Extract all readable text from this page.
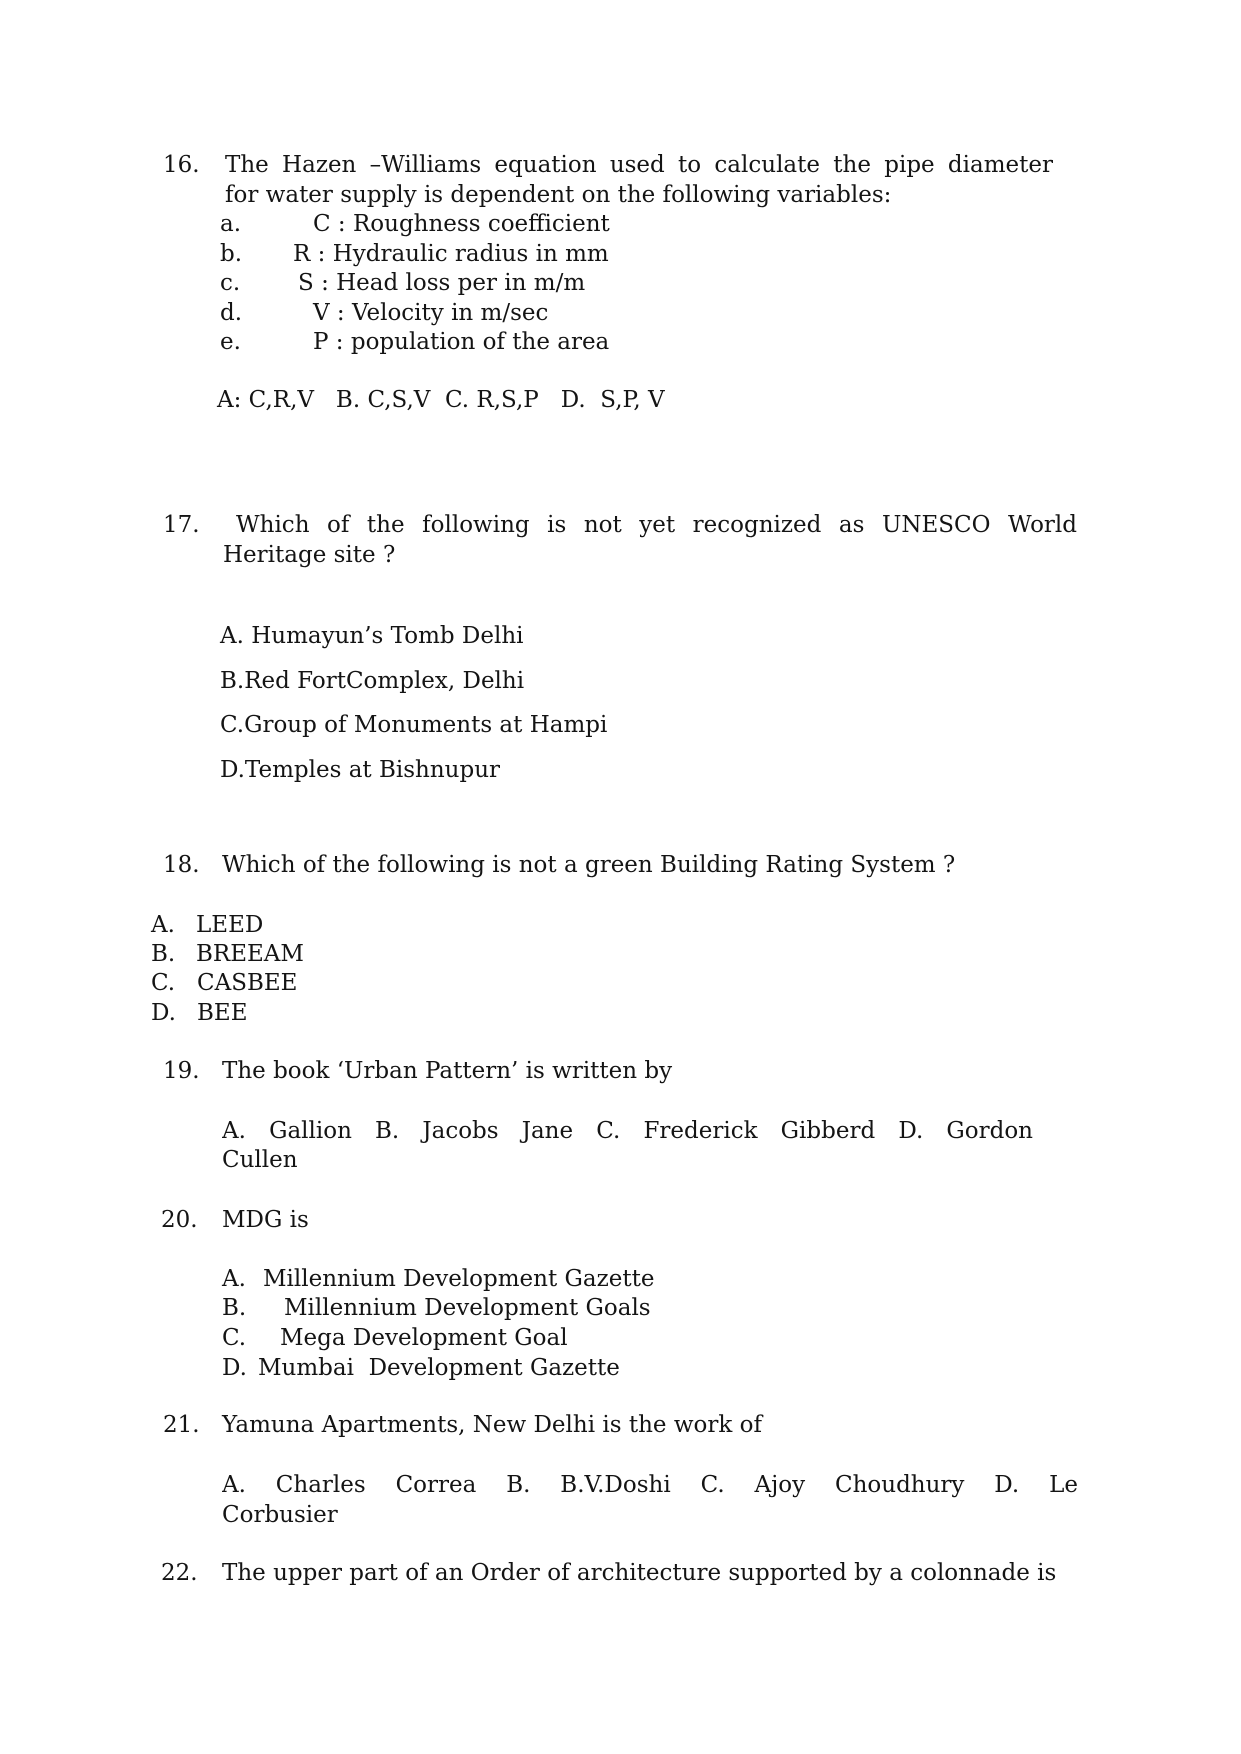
16. The Hazen –Williams equation used to calculate the pipe diameter
for water supply is dependent on the following variables:
a.	C : Roughness coefficient
b. R : Hydraulic radius in mm
c.	S : Head loss per in m/m
d.	V : Velocity in m/sec
e.	P : population of the area
A: C,R,V   B. C,S,V  C. R,S,P   D.  S,P, V
17. Which of the following is not yet recognized as UNESCO World
Heritage site ?
A. Humayun’s Tomb Delhi
B.Red FortComplex, Delhi
C.Group of Monuments at Hampi
D.Temples at Bishnupur
18. Which of the following is not a green Building Rating System ?
A. LEED
B. BREEAM
C. CASBEE
D. BEE
19. The book ‘Urban Pattern’ is written by
A. Gallion B. Jacobs Jane C. Frederick Gibberd D. Gordon
Cullen
20. MDG is
A. Millennium Development Gazette
B. Millennium Development Goals
C. Mega Development Goal
D. Mumbai  Development Gazette
21. Yamuna Apartments, New Delhi is the work of
A. Charles Correa B. B.V.Doshi C. Ajoy Choudhury D. Le
Corbusier
22. The upper part of an Order of architecture supported by a colonnade is
